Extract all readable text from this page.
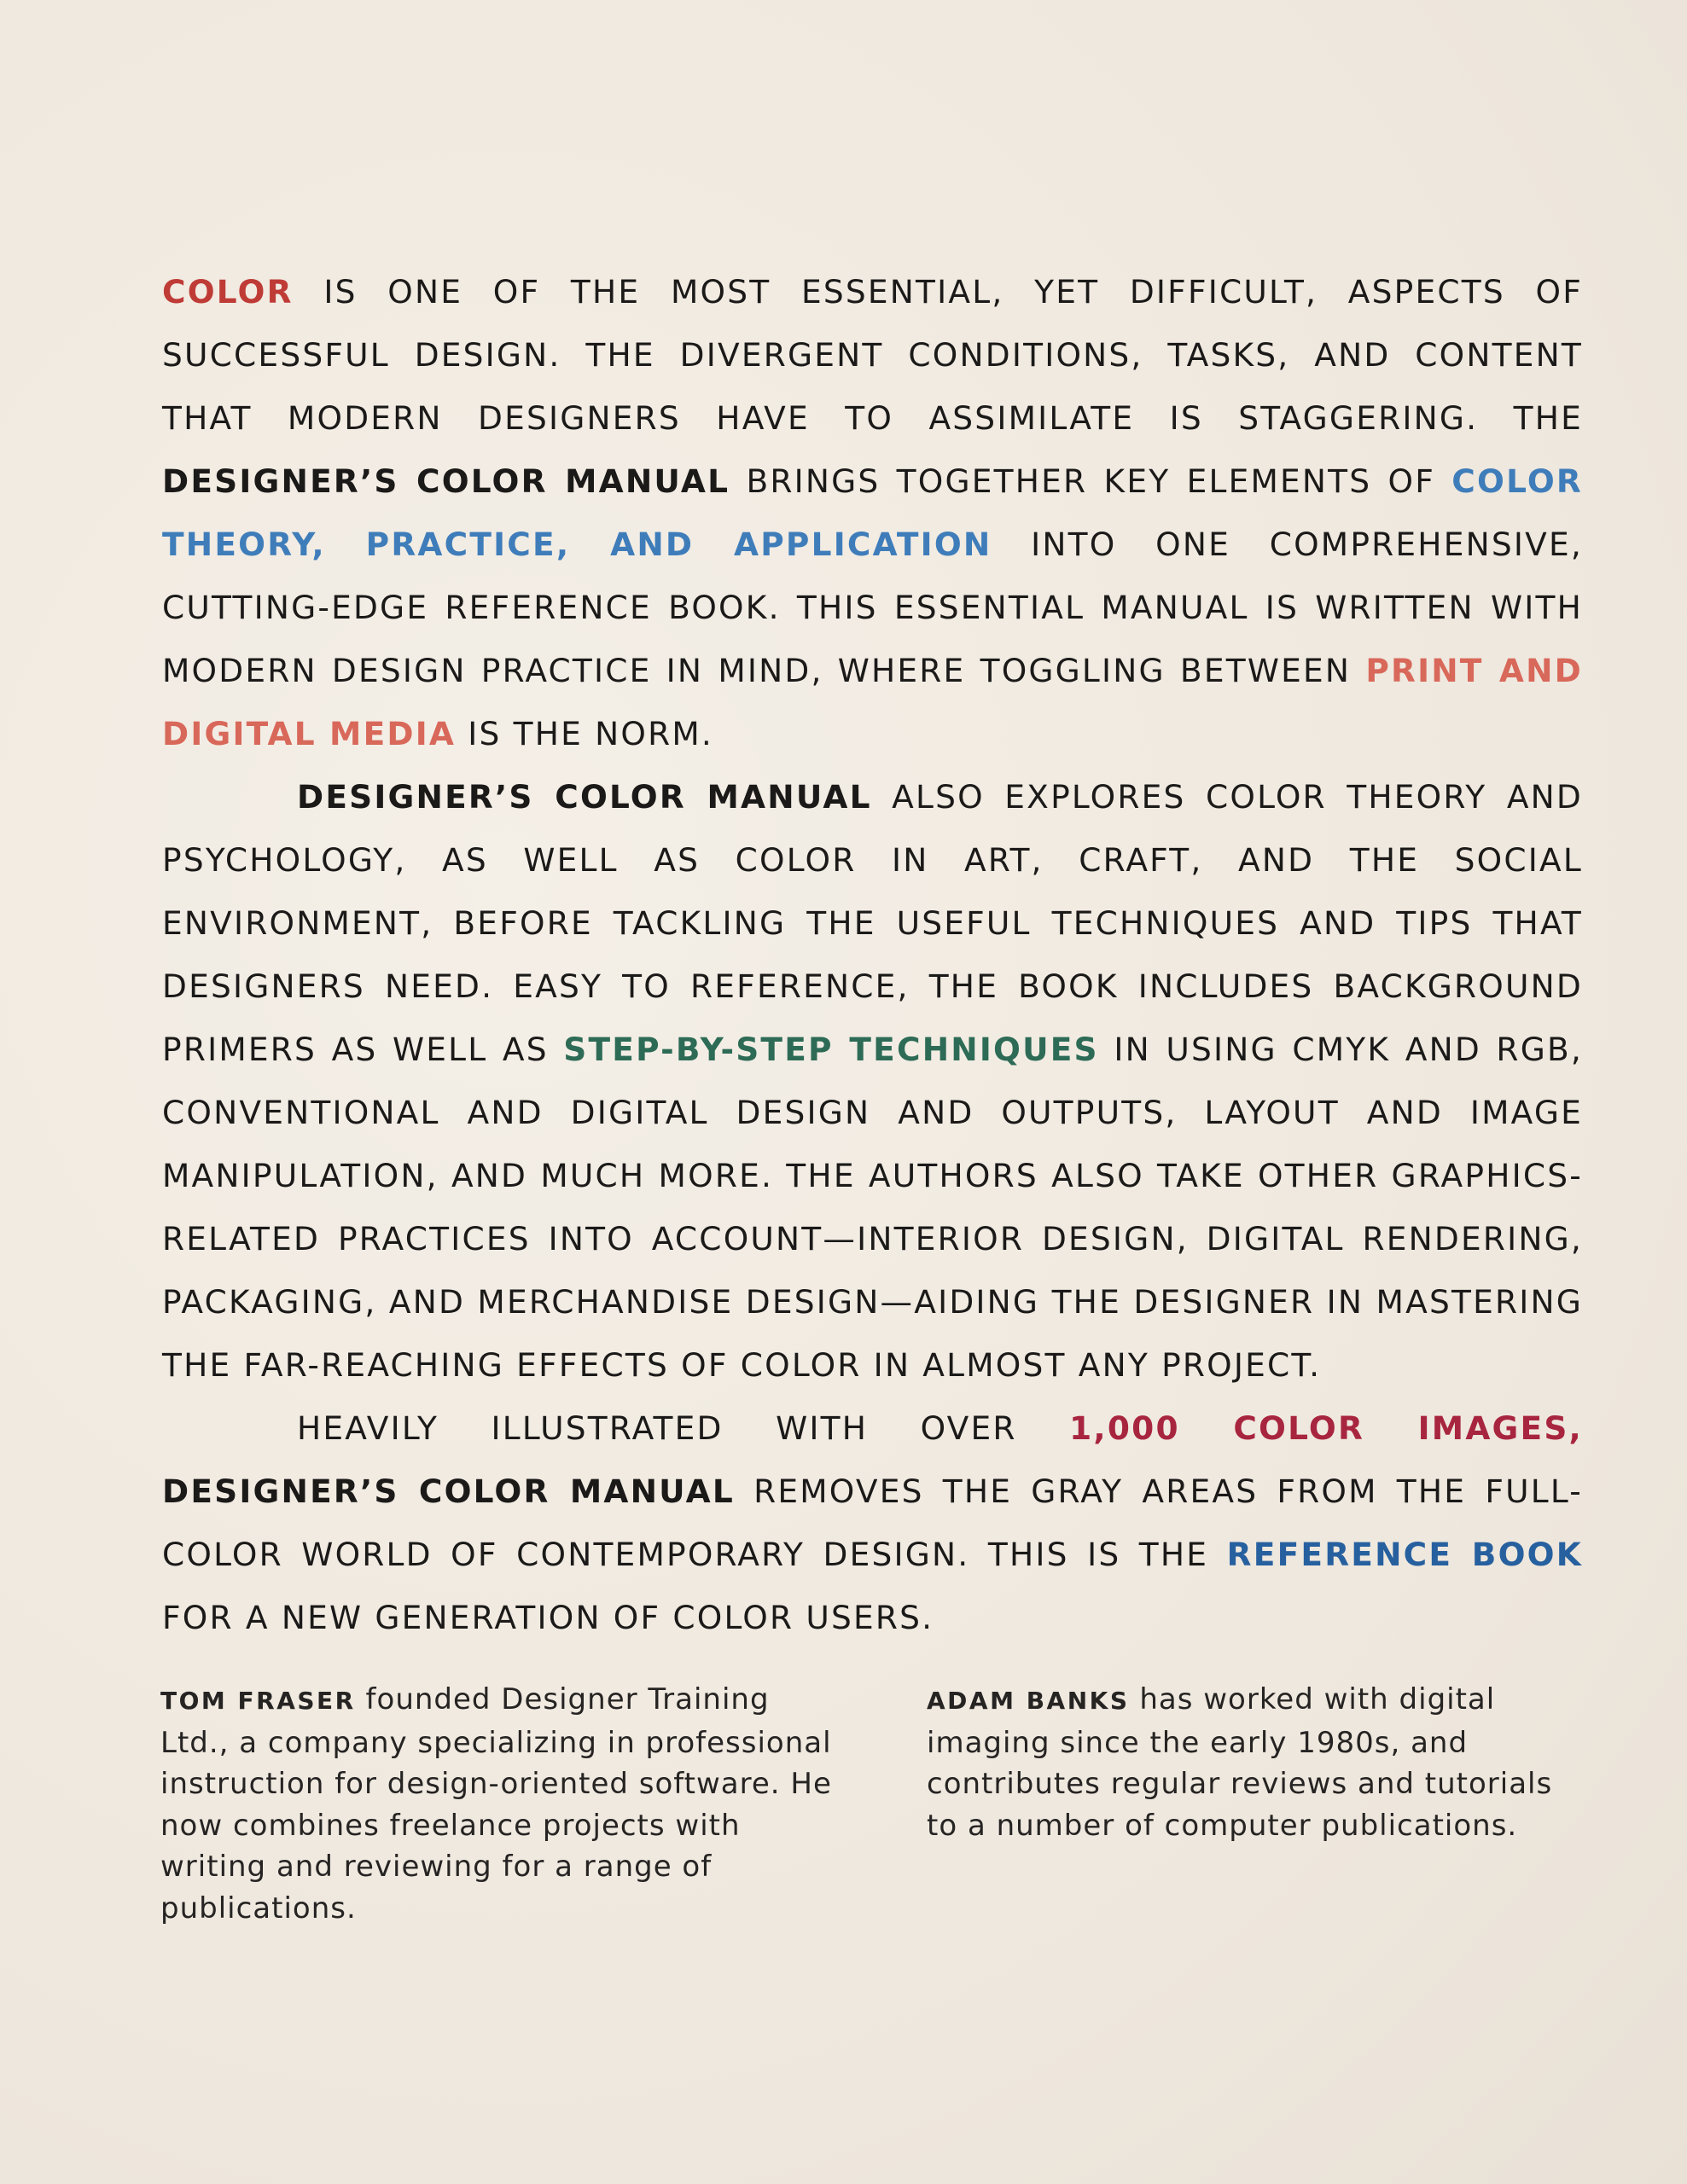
COLOR IS ONE OF THE MOST ESSENTIAL, YET DIFFICULT, ASPECTS OF SUCCESSFUL DESIGN. THE DIVERGENT CONDITIONS, TASKS, AND CONTENT THAT MODERN DESIGNERS HAVE TO ASSIMILATE IS STAGGERING. THE DESIGNER’S COLOR MANUAL BRINGS TOGETHER KEY ELEMENTS OF COLOR THEORY, PRACTICE, AND APPLICATION INTO ONE COMPREHENSIVE, CUTTING-EDGE REFERENCE BOOK. THIS ESSENTIAL MANUAL IS WRITTEN WITH MODERN DESIGN PRACTICE IN MIND, WHERE TOGGLING BETWEEN PRINT AND DIGITAL MEDIA IS THE NORM.

DESIGNER’S COLOR MANUAL ALSO EXPLORES COLOR THEORY AND PSYCHOLOGY, AS WELL AS COLOR IN ART, CRAFT, AND THE SOCIAL ENVIRONMENT, BEFORE TACKLING THE USEFUL TECHNIQUES AND TIPS THAT DESIGNERS NEED. EASY TO REFERENCE, THE BOOK INCLUDES BACKGROUND PRIMERS AS WELL AS STEP-BY-STEP TECHNIQUES IN USING CMYK AND RGB, CONVENTIONAL AND DIGITAL DESIGN AND OUTPUTS, LAYOUT AND IMAGE MANIPULATION, AND MUCH MORE. THE AUTHORS ALSO TAKE OTHER GRAPHICS-RELATED PRACTICES INTO ACCOUNT—INTERIOR DESIGN, DIGITAL RENDERING, PACKAGING, AND MERCHANDISE DESIGN—AIDING THE DESIGNER IN MASTERING THE FAR-REACHING EFFECTS OF COLOR IN ALMOST ANY PROJECT.

HEAVILY ILLUSTRATED WITH OVER 1,000 COLOR IMAGES, DESIGNER’S COLOR MANUAL REMOVES THE GRAY AREAS FROM THE FULL-COLOR WORLD OF CONTEMPORARY DESIGN. THIS IS THE REFERENCE BOOK FOR A NEW GENERATION OF COLOR USERS.

TOM FRASER founded Designer Training Ltd., a company specializing in professional instruction for design-oriented software. He now combines freelance projects with writing and reviewing for a range of publications.
ADAM BANKS has worked with digital imaging since the early 1980s, and contributes regular reviews and tutorials to a number of computer publications.
